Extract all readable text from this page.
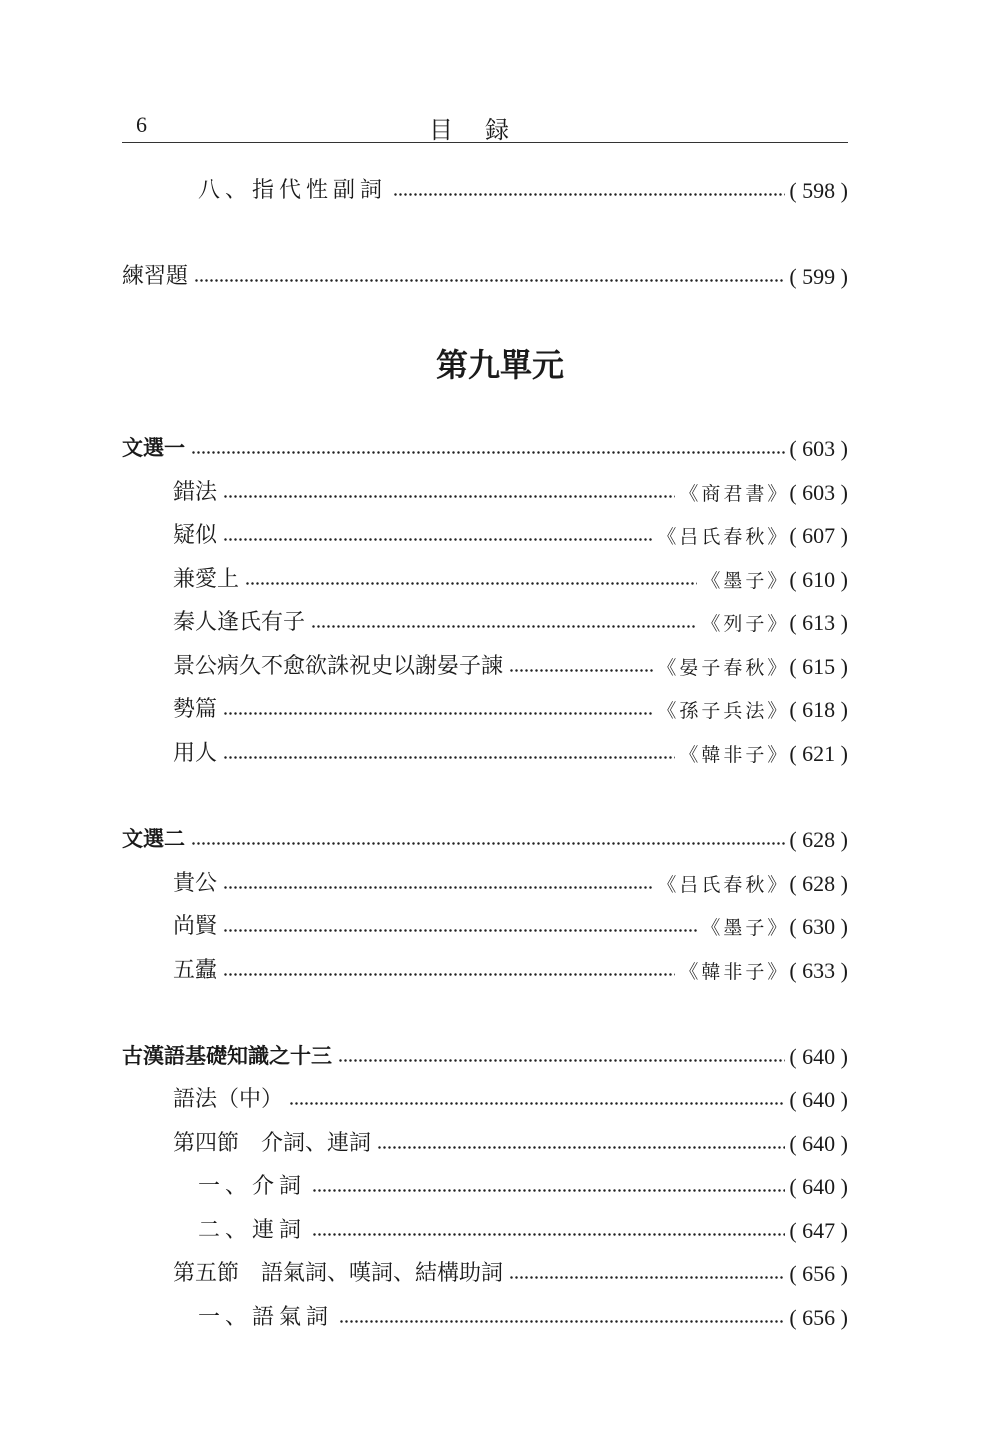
6	目録
八、指代性副詞	( 598 )
練習題	( 599 )
第九單元
文選一	( 603 )
錯法	《商君書》 ( 603 )
疑似	《吕氏春秋》 ( 607 )
兼愛上	《墨子》 ( 610 )
秦人逢氏有子	《列子》 ( 613 )
景公病久不愈欲誅祝史以謝晏子諫	《晏子春秋》 ( 615 )
勢篇	《孫子兵法》 ( 618 )
用人	《韓非子》 ( 621 )
文選二	( 628 )
貴公	《吕氏春秋》 ( 628 )
尚賢	《墨子》 ( 630 )
五蠹	《韓非子》 ( 633 )
古漢語基礎知識之十三	( 640 )
語法（中）	( 640 )
第四節　介詞、連詞	( 640 )
一、介詞	( 640 )
二、連詞	( 647 )
第五節　語氣詞、嘆詞、結構助詞	( 656 )
一、語氣詞	( 656 )
